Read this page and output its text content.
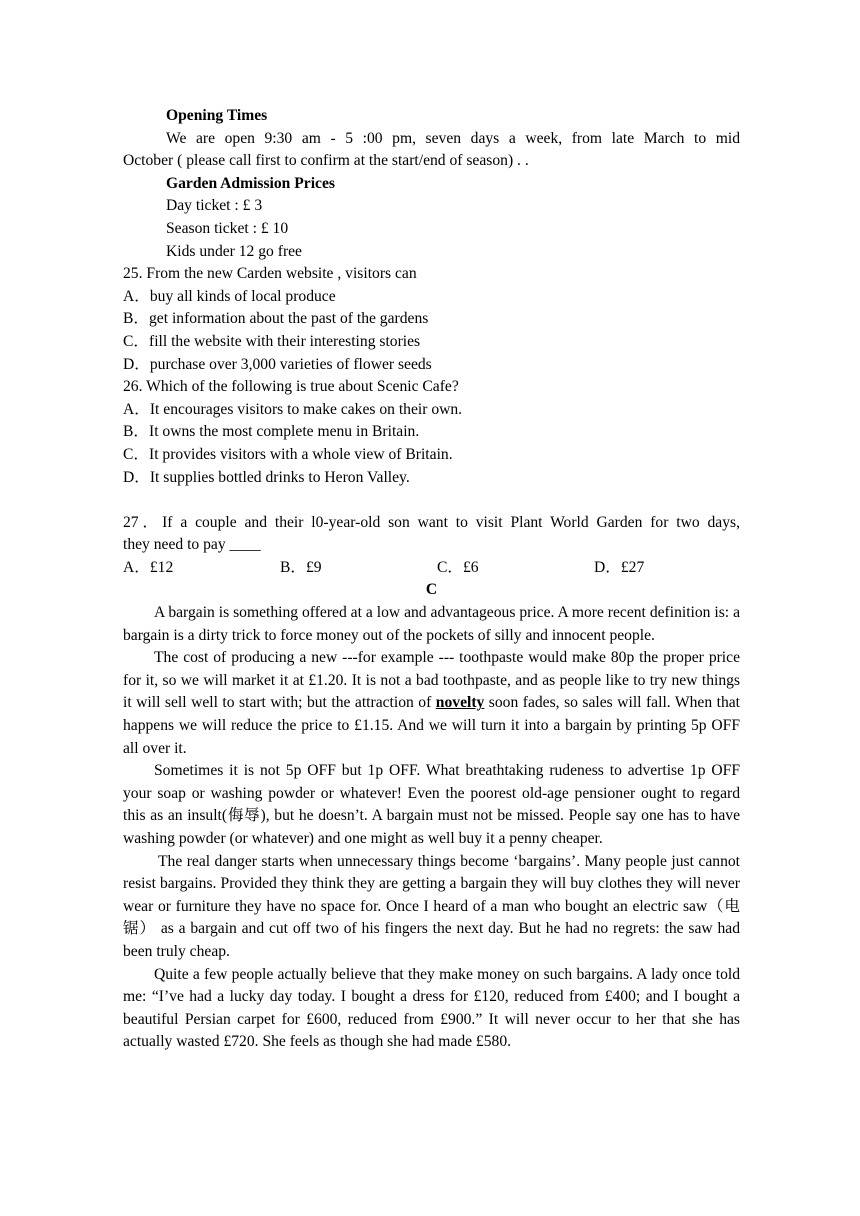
Opening Times
We are open 9:30 am - 5 :00 pm, seven days a week, from late March to mid
October ( please call first to confirm at the start/end of season) . .
Garden Admission Prices
Day ticket : £ 3
Season ticket : £ 10
Kids under 12 go free
25. From the new Carden website , visitors can
A．buy all kinds of local produce
B．get information about the past of the gardens
C．fill the website with their interesting stories
D．purchase over 3,000 varieties of flower seeds
26. Which of the following is true about Scenic Cafe?
A．It encourages visitors to make cakes on their own.
B．It owns the most complete menu in Britain.
C．It provides visitors with a whole view of Britain.
D．It supplies bottled drinks to Heron Valley.
27．If a couple and their l0-year-old son want to visit Plant World Garden for two days,
they need to pay ____
A．£12	B．£9	C．£6	D．£27
C
A bargain is something offered at a low and advantageous price. A more recent definition is: a bargain is a dirty trick to force money out of the pockets of silly and innocent people.
The cost of producing a new ---for example --- toothpaste would make 80p the proper price for it, so we will market it at £1.20. It is not a bad toothpaste, and as people like to try new things it will sell well to start with; but the attraction of novelty soon fades, so sales will fall. When that happens we will reduce the price to £1.15. And we will turn it into a bargain by printing 5p OFF all over it.
Sometimes it is not 5p OFF but 1p OFF. What breathtaking rudeness to advertise 1p OFF your soap or washing powder or whatever! Even the poorest old-age pensioner ought to regard this as an insult(侮辱), but he doesn’t. A bargain must not be missed. People say one has to have washing powder (or whatever) and one might as well buy it a penny cheaper.
The real danger starts when unnecessary things become ‘bargains’. Many people just cannot resist bargains. Provided they think they are getting a bargain they will buy clothes they will never wear or furniture they have no space for. Once I heard of a man who bought an electric saw（电锯） as a bargain and cut off two of his fingers the next day. But he had no regrets: the saw had been truly cheap.
Quite a few people actually believe that they make money on such bargains. A lady once told me: “I’ve had a lucky day today. I bought a dress for £120, reduced from £400; and I bought a beautiful Persian carpet for £600, reduced from £900.” It will never occur to her that she has actually wasted £720. She feels as though she had made £580.
